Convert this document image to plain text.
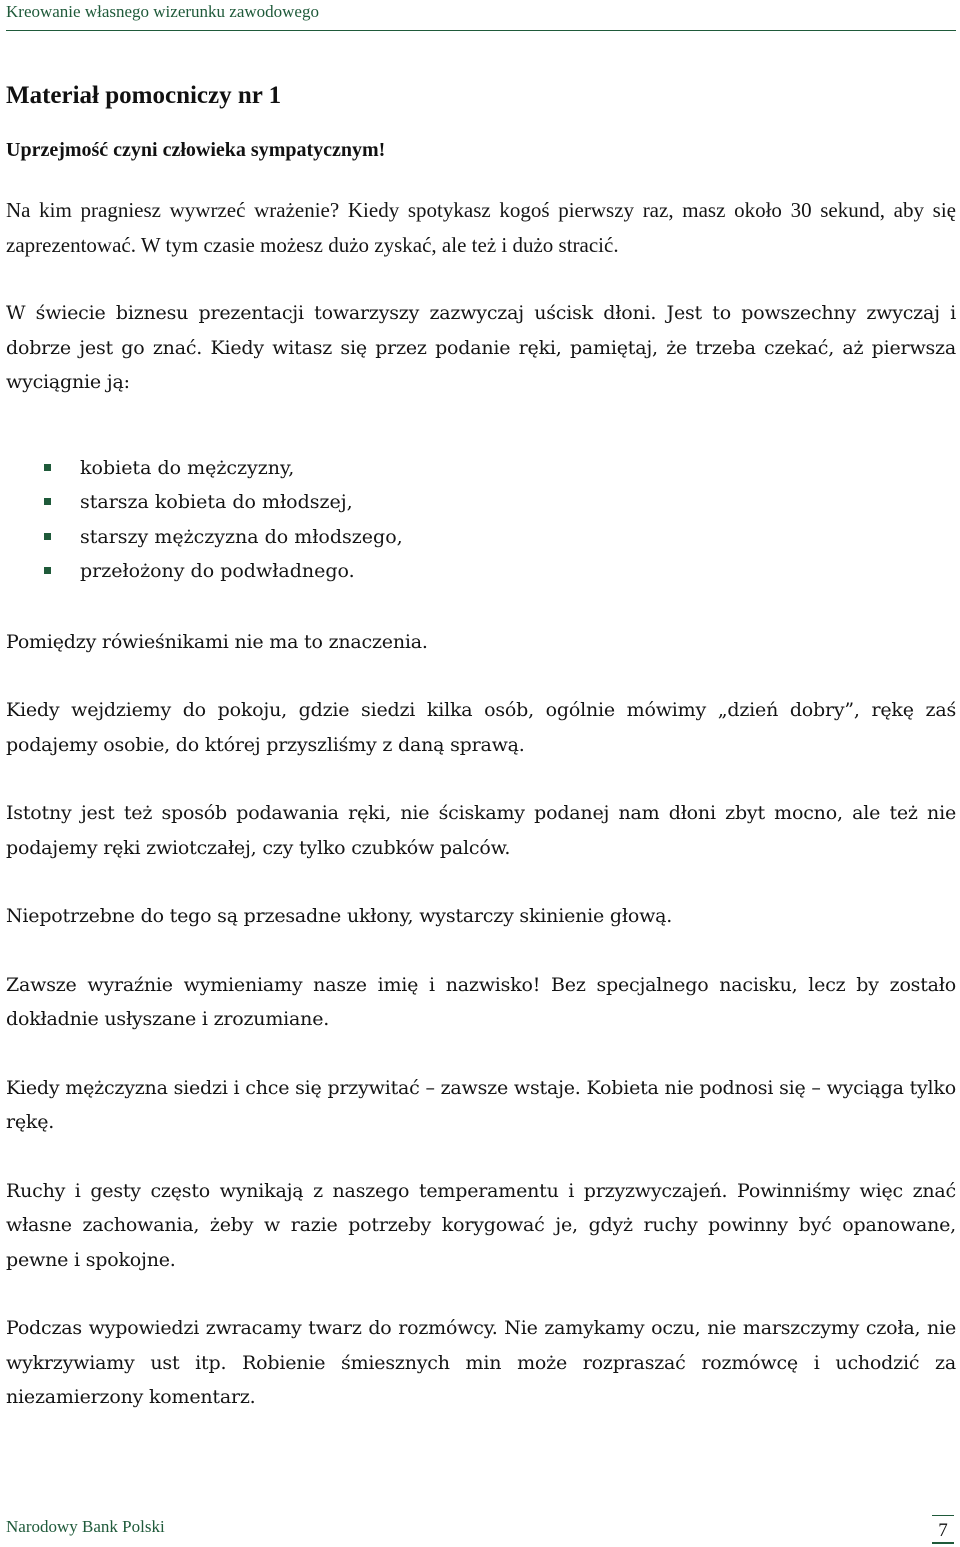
Kreowanie własnego wizerunku zawodowego
Materiał pomocniczy nr 1
Uprzejmość czyni człowieka sympatycznym!

Na kim pragniesz wywrzeć wrażenie? Kiedy spotykasz kogoś pierwszy raz, masz około 30 sekund, aby się zaprezentować. W tym czasie możesz dużo zyskać, ale też i dużo stracić.

W świecie biznesu prezentacji towarzyszy zazwyczaj uścisk dłoni. Jest to powszechny zwyczaj i dobrze jest go znać. Kiedy witasz się przez podanie ręki, pamiętaj, że trzeba czekać, aż pierwsza wyciągnie ją:

kobieta do mężczyzny,
starsza kobieta do młodszej,
starszy mężczyzna do młodszego,
przełożony do podwładnego.

Pomiędzy rówieśnikami nie ma to znaczenia.

Kiedy wejdziemy do pokoju, gdzie siedzi kilka osób, ogólnie mówimy „dzień dobry”, rękę zaś podajemy osobie, do której przyszliśmy z daną sprawą.

Istotny jest też sposób podawania ręki, nie ściskamy podanej nam dłoni zbyt mocno, ale też nie podajemy ręki zwiotczałej, czy tylko czubków palców.

Niepotrzebne do tego są przesadne ukłony, wystarczy skinienie głową.

Zawsze wyraźnie wymieniamy nasze imię i nazwisko! Bez specjalnego nacisku, lecz by zostało dokładnie usłyszane i zrozumiane.

Kiedy mężczyzna siedzi i chce się przywitać – zawsze wstaje. Kobieta nie podnosi się – wyciąga tylko rękę.

Ruchy i gesty często wynikają z naszego temperamentu i przyzwyczajeń. Powinniśmy więc znać własne zachowania, żeby w razie potrzeby korygować je, gdyż ruchy powinny być opanowane, pewne i spokojne.

Podczas wypowiedzi zwracamy twarz do rozmówcy. Nie zamykamy oczu, nie marszczymy czoła, nie wykrzywiamy ust itp. Robienie śmiesznych min może rozpraszać rozmówcę i uchodzić za niezamierzony komentarz.

Narodowy Bank Polski	7
